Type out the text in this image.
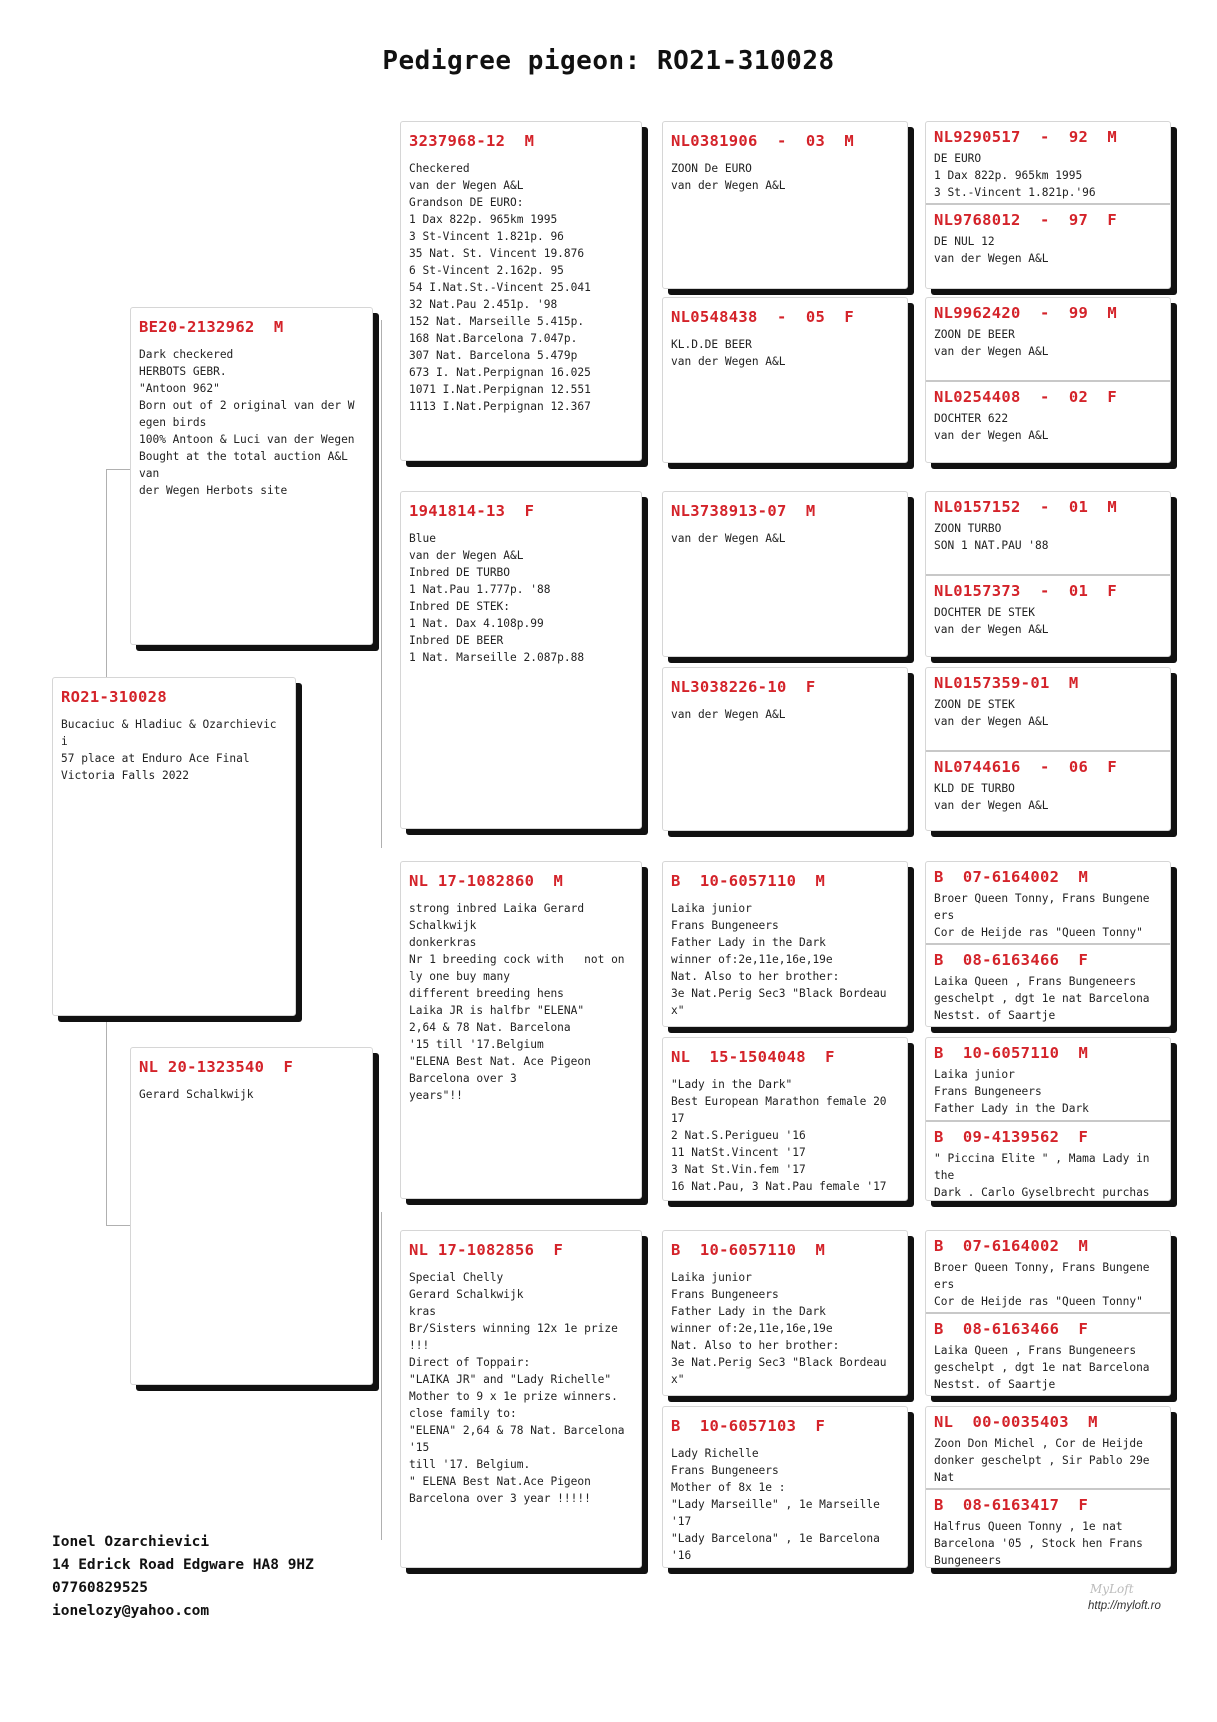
Pedigree pigeon: RO21-310028
RO21-310028
Bucaciuc & Hladiuc & Ozarchievic
i
57 place at Enduro Ace Final
Victoria Falls 2022
BE20-2132962  M
Dark checkered
HERBOTS GEBR.
"Antoon 962"
Born out of 2 original van der W
egen birds
100% Antoon & Luci van der Wegen
Bought at the total auction A&L
van
der Wegen Herbots site
NL 20-1323540  F
Gerard Schalkwijk
3237968-12  M
Checkered
van der Wegen A&L
Grandson DE EURO:
1 Dax 822p. 965km 1995
3 St-Vincent 1.821p. 96
35 Nat. St. Vincent 19.876
6 St-Vincent 2.162p. 95
54 I.Nat.St.-Vincent 25.041
32 Nat.Pau 2.451p. '98
152 Nat. Marseille 5.415p.
168 Nat.Barcelona 7.047p.
307 Nat. Barcelona 5.479p
673 I. Nat.Perpignan 16.025
1071 I.Nat.Perpignan 12.551
1113 I.Nat.Perpignan 12.367
1941814-13  F
Blue
van der Wegen A&L
Inbred DE TURBO
1 Nat.Pau 1.777p. '88
Inbred DE STEK:
1 Nat. Dax 4.108p.99
Inbred DE BEER
1 Nat. Marseille 2.087p.88
NL 17-1082860  M
strong inbred Laika Gerard
Schalkwijk
donkerkras
Nr 1 breeding cock with   not on
ly one buy many
different breeding hens
Laika JR is halfbr "ELENA"
2,64 & 78 Nat. Barcelona
'15 till '17.Belgium
"ELENA Best Nat. Ace Pigeon
Barcelona over 3
years"!!
NL 17-1082856  F
Special Chelly
Gerard Schalkwijk
kras
Br/Sisters winning 12x 1e prize
!!!
Direct of Toppair:
"LAIKA JR" and "Lady Richelle"
Mother to 9 x 1e prize winners.
close family to:
"ELENA" 2,64 & 78 Nat. Barcelona
'15
till '17. Belgium.
" ELENA Best Nat.Ace Pigeon
Barcelona over 3 year !!!!!
NL0381906  -  03  M
ZOON De EURO
van der Wegen A&L
NL0548438  -  05  F
KL.D.DE BEER
van der Wegen A&L
NL3738913-07  M
van der Wegen A&L
NL3038226-10  F
van der Wegen A&L
B  10-6057110  M
Laika junior
Frans Bungeneers
Father Lady in the Dark
winner of:2e,11e,16e,19e
Nat. Also to her brother:
3e Nat.Perig Sec3 "Black Bordeau
x"
NL  15-1504048  F
"Lady in the Dark"
Best European Marathon female 20
17
2 Nat.S.Perigueu '16
11 NatSt.Vincent '17
3 Nat St.Vin.fem '17
16 Nat.Pau, 3 Nat.Pau female '17
B  10-6057110  M
Laika junior
Frans Bungeneers
Father Lady in the Dark
winner of:2e,11e,16e,19e
Nat. Also to her brother:
3e Nat.Perig Sec3 "Black Bordeau
x"
B  10-6057103  F
Lady Richelle
Frans Bungeneers
Mother of 8x 1e :
"Lady Marseille" , 1e Marseille
'17
"Lady Barcelona" , 1e Barcelona
'16
NL9290517  -  92  M
DE EURO
1 Dax 822p. 965km 1995
3 St.-Vincent 1.821p.'96
NL9768012  -  97  F
DE NUL 12
van der Wegen A&L
NL9962420  -  99  M
ZOON DE BEER
van der Wegen A&L
NL0254408  -  02  F
DOCHTER 622
van der Wegen A&L
NL0157152  -  01  M
ZOON TURBO
SON 1 NAT.PAU '88
NL0157373  -  01  F
DOCHTER DE STEK
van der Wegen A&L
NL0157359-01  M
ZOON DE STEK
van der Wegen A&L
NL0744616  -  06  F
KLD DE TURBO
van der Wegen A&L
B  07-6164002  M
Broer Queen Tonny, Frans Bungene
ers
Cor de Heijde ras "Queen Tonny"
B  08-6163466  F
Laika Queen , Frans Bungeneers
geschelpt , dgt 1e nat Barcelona
Nestst. of Saartje
B  10-6057110  M
Laika junior
Frans Bungeneers
Father Lady in the Dark
B  09-4139562  F
" Piccina Elite " , Mama Lady in
the
Dark . Carlo Gyselbrecht purchas
B  07-6164002  M
Broer Queen Tonny, Frans Bungene
ers
Cor de Heijde ras "Queen Tonny"
B  08-6163466  F
Laika Queen , Frans Bungeneers
geschelpt , dgt 1e nat Barcelona
Nestst. of Saartje
NL  00-0035403  M
Zoon Don Michel , Cor de Heijde
donker geschelpt , Sir Pablo 29e
Nat
B  08-6163417  F
Halfrus Queen Tonny , 1e nat
Barcelona '05 , Stock hen Frans
Bungeneers
Ionel Ozarchievici
14 Edrick Road Edgware HA8 9HZ
07760829525
ionelozy@yahoo.com
MyLoft
http://myloft.ro
